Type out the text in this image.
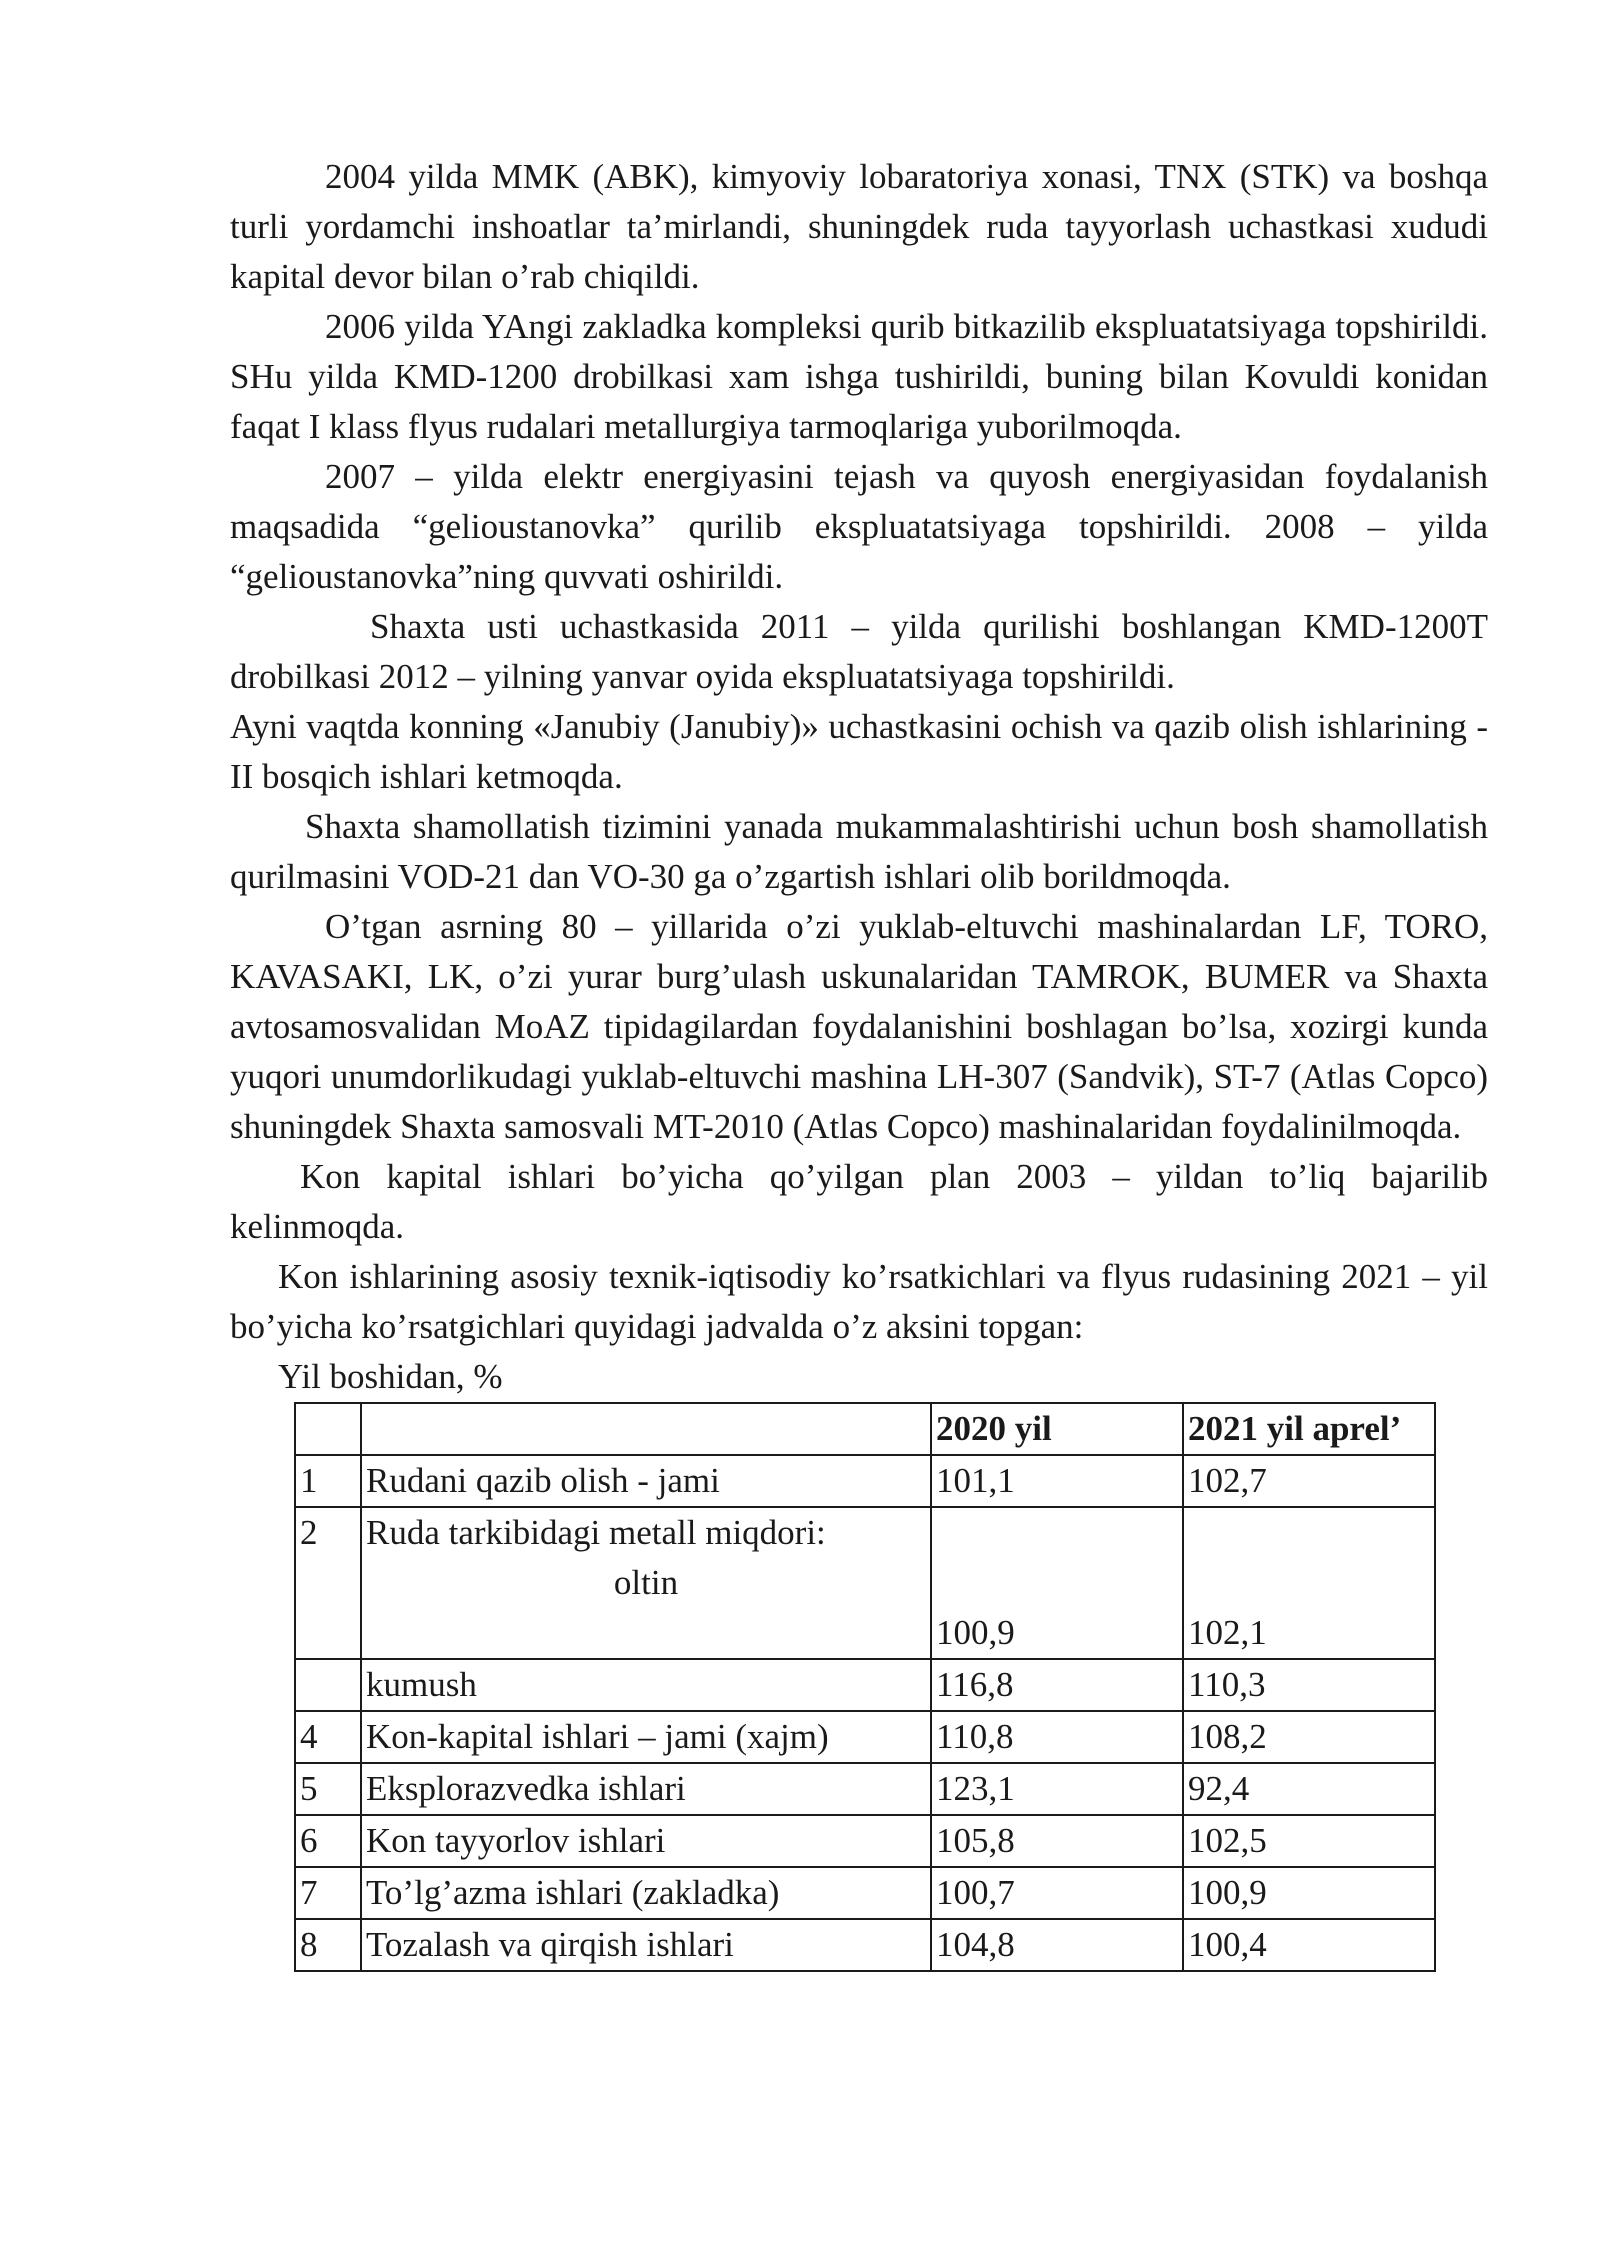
2004 yilda MMK (ABK), kimyoviy lobaratoriya xonasi, TNX (STK) va boshqa turli yordamchi inshoatlar ta’mirlandi, shuningdek ruda tayyorlash uchastkasi xududi kapital devor bilan o’rab chiqildi.

2006 yilda YAngi zakladka kompleksi qurib bitkazilib ekspluatatsiyaga topshirildi. SHu yilda KMD-1200 drobilkasi xam ishga tushirildi, buning bilan Kovuldi konidan faqat I klass flyus rudalari metallurgiya tarmoqlariga yuborilmoqda.

2007 – yilda elektr energiyasini tejash va quyosh energiyasidan foydalanish maqsadida “gelioustanovka” qurilib ekspluatatsiyaga topshirildi. 2008 – yilda “gelioustanovka”ning quvvati oshirildi.

Shaxta usti uchastkasida 2011 – yilda qurilishi boshlangan KMD-1200T drobilkasi 2012 – yilning yanvar oyida ekspluatatsiyaga topshirildi.

Ayni vaqtda konning «Janubiy (Janubiy)» uchastkasini ochish va qazib olish ishlarining - II bosqich ishlari ketmoqda.

Shaxta shamollatish tizimini yanada mukammalashtirishi uchun bosh shamollatish qurilmasini VOD-21 dan VO-30 ga o’zgartish ishlari olib borildmoqda.

O’tgan asrning 80 – yillarida o’zi yuklab-eltuvchi mashinalardan LF, TORO, KAVASAKI, LK, o’zi yurar burg’ulash uskunalaridan TAMROK, BUMER va Shaxta avtosamosvalidan MoAZ tipidagilardan foydalanishini boshlagan bo’lsa, xozirgi kunda yuqori unumdorlikudagi yuklab-eltuvchi mashina LH-307 (Sandvik), ST-7 (Atlas Copco) shuningdek Shaxta samosvali MT-2010 (Atlas Copco) mashinalaridan foydalinilmoqda.

Kon kapital ishlari bo’yicha qo’yilgan plan 2003 – yildan to’liq bajarilib kelinmoqda.

Kon ishlarining asosiy texnik-iqtisodiy ko’rsatkichlari va flyus rudasining 2021 – yil bo’yicha ko’rsatgichlari quyidagi jadvalda o’z aksini topgan:

Yil boshidan, %

		2020 yil	2021 yil aprel’
1	Rudani qazib olish - jami	101,1	102,7
2	Ruda tarkibidagi metall miqdori:
oltin	100,9	102,1

	kumush	116,8	110,3
4	Kon-kapital ishlari – jami (xajm)	110,8	108,2
5	Eksplorazvedka ishlari	123,1	92,4
6	Kon tayyorlov ishlari	105,8	102,5
7	To’lg’azma ishlari (zakladka)	100,7	100,9
8	Tozalash va qirqish ishlari	104,8	100,4
